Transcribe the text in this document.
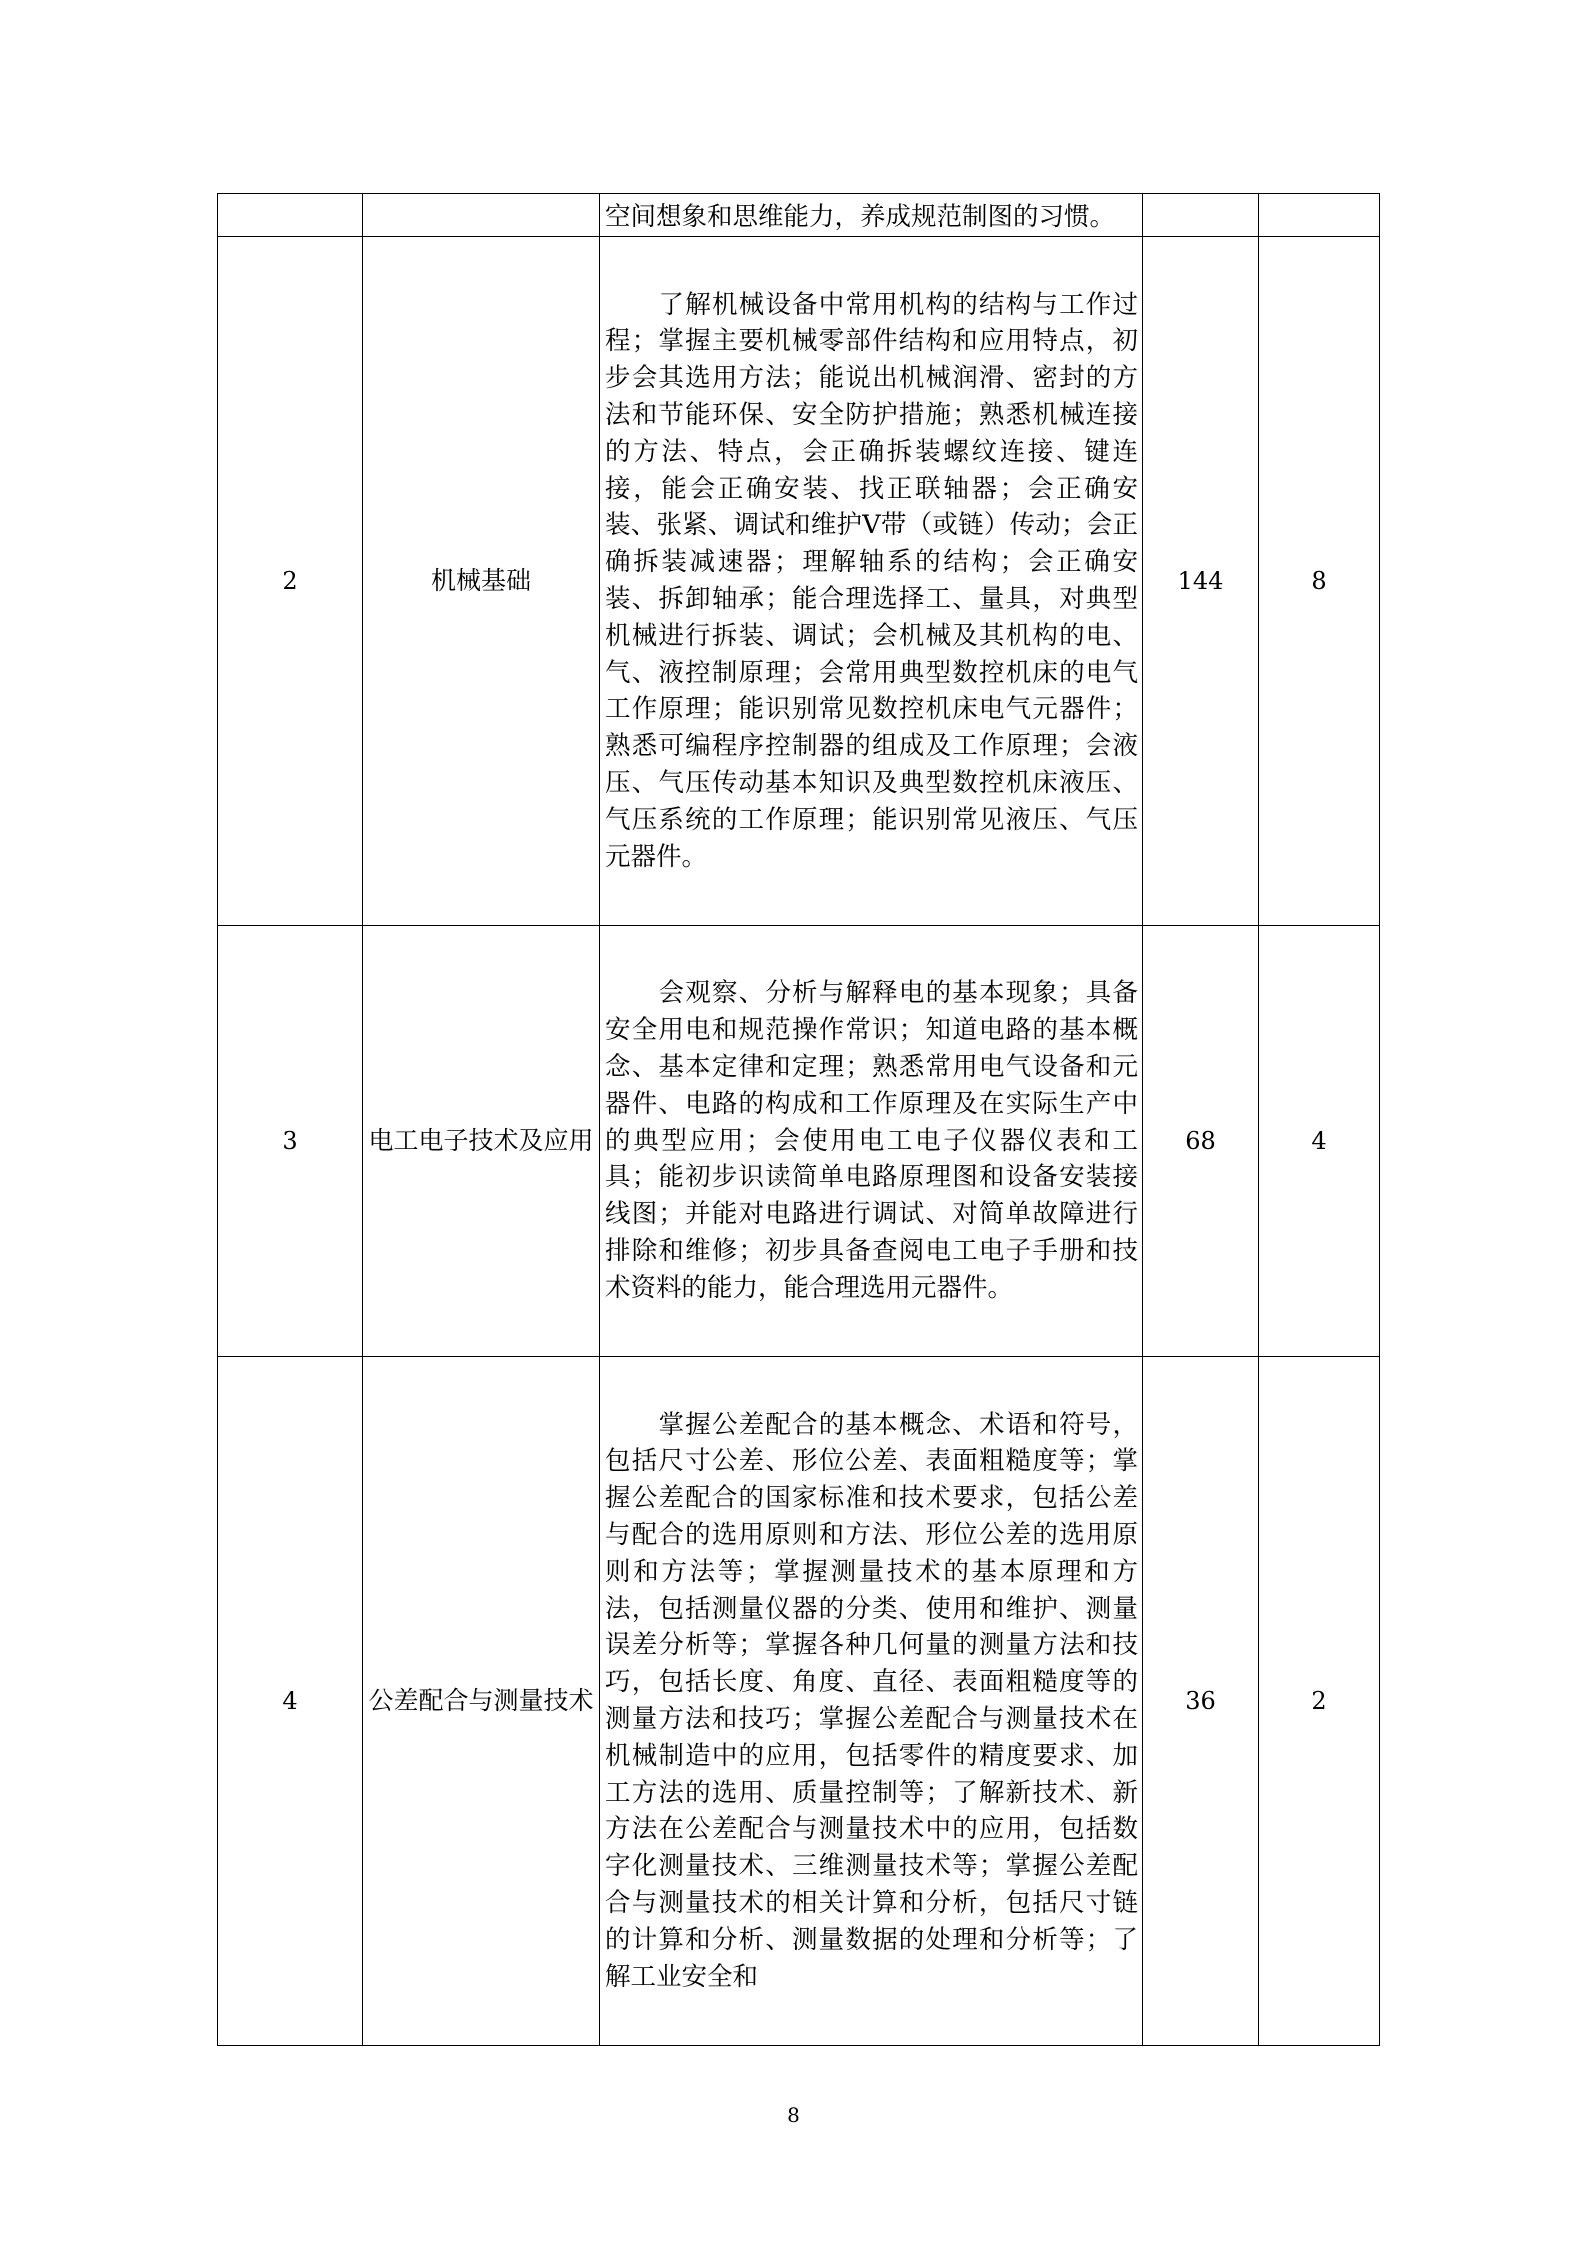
		空间想象和思维能力，养成规范制图的习惯。		

2	机械基础	了解机械设备中常用机构的结构与工作过程；掌握主要机械零部件结构和应用特点，初步会其选用方法；能说出机械润滑、密封的方法和节能环保、安全防护措施；熟悉机械连接的方法、特点，会正确拆装螺纹连接、键连接，能会正确安装、找正联轴器；会正确安装、张紧、调试和维护V带（或链）传动；会正确拆装减速器；理解轴系的结构；会正确安装、拆卸轴承；能合理选择工、量具，对典型机械进行拆装、调试；会机械及其机构的电、气、液控制原理；会常用典型数控机床的电气工作原理；能识别常见数控机床电气元器件；熟悉可编程序控制器的组成及工作原理；会液压、气压传动基本知识及典型数控机床液压、气压系统的工作原理；能识别常见液压、气压元器件。	144	8
3	电工电子技术及应用	会观察、分析与解释电的基本现象；具备安全用电和规范操作常识；知道电路的基本概念、基本定律和定理；熟悉常用电气设备和元器件、电路的构成和工作原理及在实际生产中的典型应用；会使用电工电子仪器仪表和工具；能初步识读简单电路原理图和设备安装接线图；并能对电路进行调试、对简单故障进行排除和维修；初步具备查阅电工电子手册和技术资料的能力，能合理选用元器件。	68	4
4	公差配合与测量技术	掌握公差配合的基本概念、术语和符号，包括尺寸公差、形位公差、表面粗糙度等；掌握公差配合的国家标准和技术要求，包括公差与配合的选用原则和方法、形位公差的选用原则和方法等；掌握测量技术的基本原理和方法，包括测量仪器的分类、使用和维护、测量误差分析等；掌握各种几何量的测量方法和技巧，包括长度、角度、直径、表面粗糙度等的测量方法和技巧；掌握公差配合与测量技术在机械制造中的应用，包括零件的精度要求、加工方法的选用、质量控制等；了解新技术、新方法在公差配合与测量技术中的应用，包括数字化测量技术、三维测量技术等；掌握公差配合与测量技术的相关计算和分析，包括尺寸链的计算和分析、测量数据的处理和分析等；了解工业安全和	36	2
8
